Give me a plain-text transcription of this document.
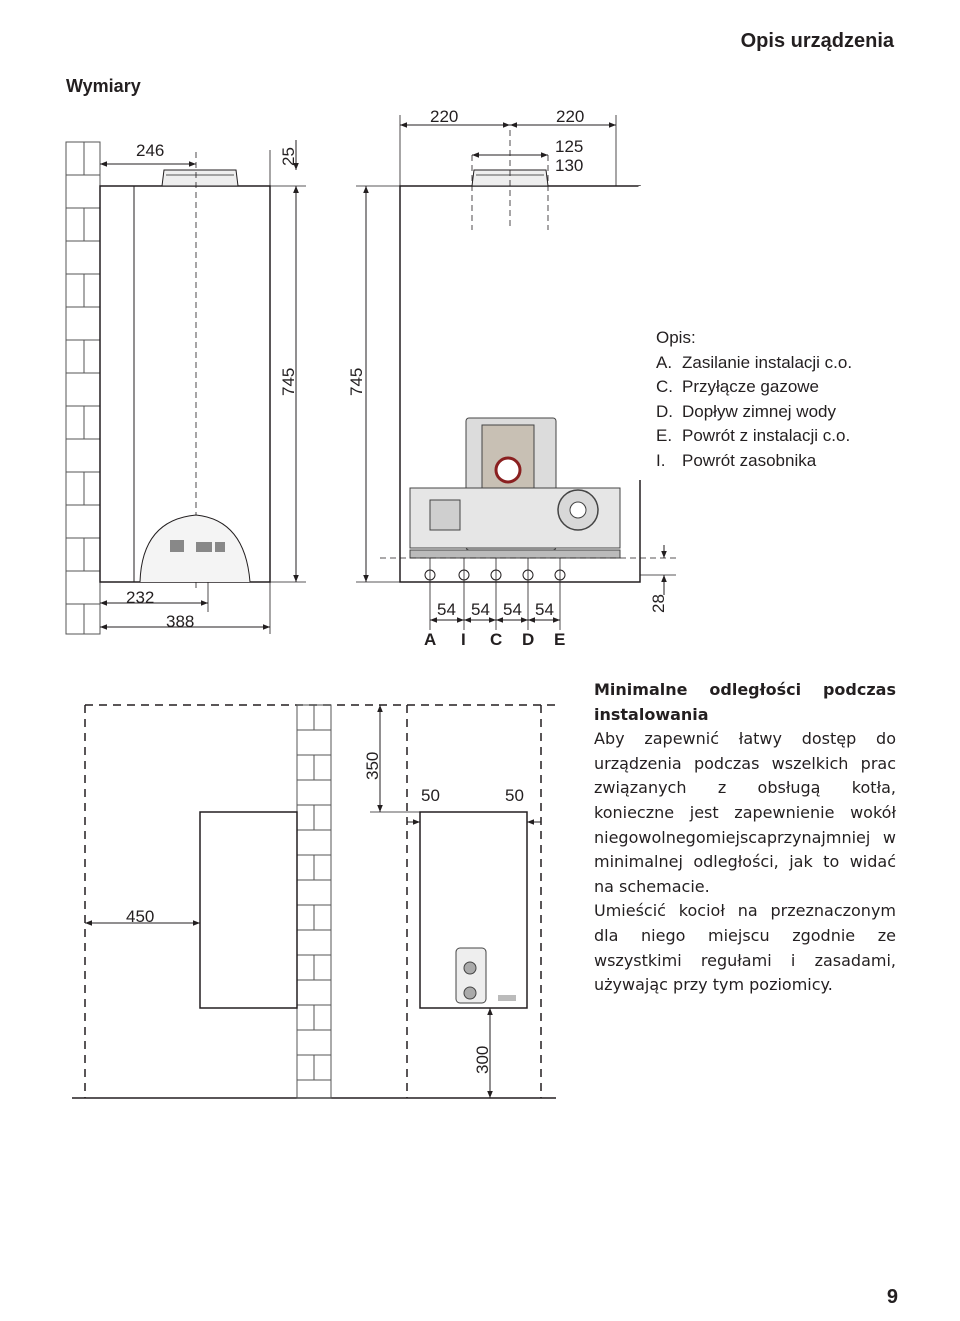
Opis urządzenia
Wymiary
246	25
745
232
388
220	220
125
130
745
54 54 54 54
A I C D E
28
450
350
50	50
300
Opis:
A. Zasilanie instalacji c.o.
C. Przyłącze gazowe
D. Dopływ zimnej wody
E. Powrót z instalacji c.o.
I. Powrót zasobnika

Minimalne odległości podczas instalowania

Aby zapewnić łatwy dostęp do urządzenia podczas wszelkich prac związanych z obsługą kotła, konieczne jest zapewnienie wokół niegowolnegomiejscaprzynajmniej w minimalnej odległości, jak to widać na schemacie.

Umieścić kocioł na przeznaczonym dla niego miejscu zgodnie ze wszystkimi regułami i zasadami, używając przy tym poziomicy.

9
